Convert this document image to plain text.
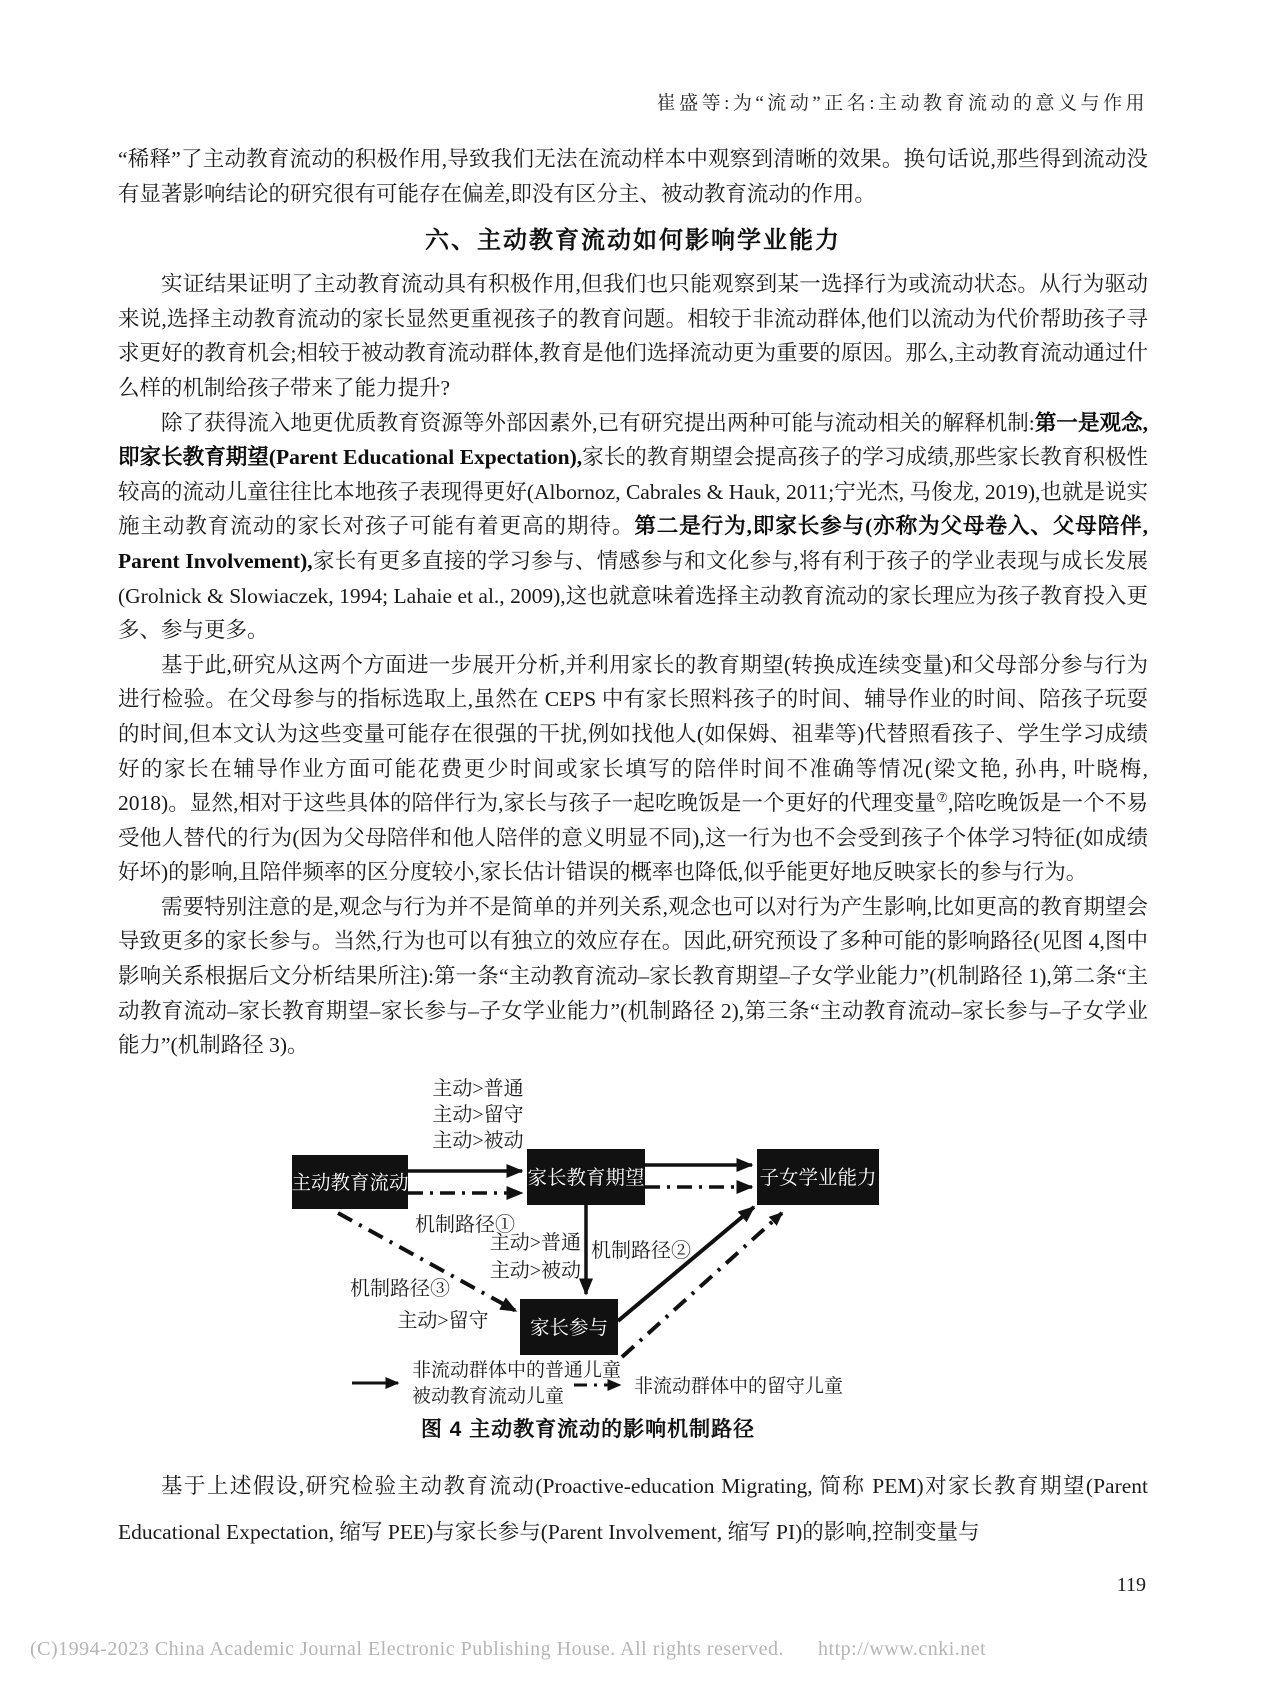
崔盛等:为“流动”正名:主动教育流动的意义与作用

“稀释”了主动教育流动的积极作用,导致我们无法在流动样本中观察到清晰的效果。换句话说,那些得到流动没有显著影响结论的研究很有可能存在偏差,即没有区分主、被动教育流动的作用。

六、主动教育流动如何影响学业能力

实证结果证明了主动教育流动具有积极作用,但我们也只能观察到某一选择行为或流动状态。从行为驱动来说,选择主动教育流动的家长显然更重视孩子的教育问题。相较于非流动群体,他们以流动为代价帮助孩子寻求更好的教育机会;相较于被动教育流动群体,教育是他们选择流动更为重要的原因。那么,主动教育流动通过什么样的机制给孩子带来了能力提升?

除了获得流入地更优质教育资源等外部因素外,已有研究提出两种可能与流动相关的解释机制:第一是观念,即家长教育期望(Parent Educational Expectation),家长的教育期望会提高孩子的学习成绩,那些家长教育积极性较高的流动儿童往往比本地孩子表现得更好(Albornoz, Cabrales & Hauk, 2011;宁光杰, 马俊龙, 2019),也就是说实施主动教育流动的家长对孩子可能有着更高的期待。第二是行为,即家长参与(亦称为父母卷入、父母陪伴, Parent Involvement),家长有更多直接的学习参与、情感参与和文化参与,将有利于孩子的学业表现与成长发展(Grolnick & Slowiaczek, 1994; Lahaie et al., 2009),这也就意味着选择主动教育流动的家长理应为孩子教育投入更多、参与更多。

基于此,研究从这两个方面进一步展开分析,并利用家长的教育期望(转换成连续变量)和父母部分参与行为进行检验。在父母参与的指标选取上,虽然在 CEPS 中有家长照料孩子的时间、辅导作业的时间、陪孩子玩耍的时间,但本文认为这些变量可能存在很强的干扰,例如找他人(如保姆、祖辈等)代替照看孩子、学生学习成绩好的家长在辅导作业方面可能花费更少时间或家长填写的陪伴时间不准确等情况(梁文艳, 孙冉, 叶晓梅, 2018)。显然,相对于这些具体的陪伴行为,家长与孩子一起吃晚饭是一个更好的代理变量⑦,陪吃晚饭是一个不易受他人替代的行为(因为父母陪伴和他人陪伴的意义明显不同),这一行为也不会受到孩子个体学习特征(如成绩好坏)的影响,且陪伴频率的区分度较小,家长估计错误的概率也降低,似乎能更好地反映家长的参与行为。

需要特别注意的是,观念与行为并不是简单的并列关系,观念也可以对行为产生影响,比如更高的教育期望会导致更多的家长参与。当然,行为也可以有独立的效应存在。因此,研究预设了多种可能的影响路径(见图 4,图中影响关系根据后文分析结果所注):第一条“主动教育流动–家长教育期望–子女学业能力”(机制路径 1),第二条“主动教育流动–家长教育期望–家长参与–子女学业能力”(机制路径 2),第三条“主动教育流动–家长参与–子女学业能力”(机制路径 3)。

主动>普通
主动>留守
主动>被动
机制路径①
主动>普通
主动>被动
机制路径②
机制路径③
主动>留守
主动教育流动	家长教育期望	子女学业能力
家长参与
非流动群体中的普通儿童
被动教育流动儿童	非流动群体中的留守儿童
图 4 主动教育流动的影响机制路径

基于上述假设,研究检验主动教育流动(Proactive-education Migrating, 简称 PEM)对家长教育期望(Parent Educational Expectation, 缩写 PEE)与家长参与(Parent Involvement, 缩写 PI)的影响,控制变量与

119
(C)1994-2023 China Academic Journal Electronic Publishing House. All rights reserved. http://www.cnki.net
